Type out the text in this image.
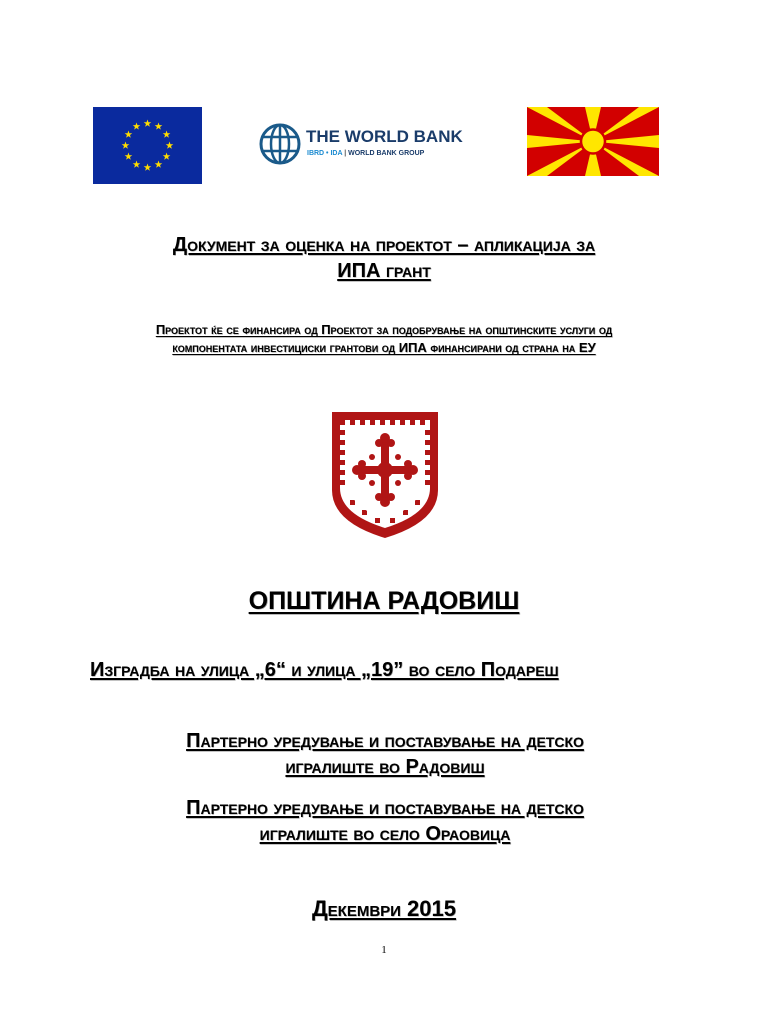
THE WORLD BANK
IBRD • IDA | WORLD BANK GROUP
Документ за оценка на проектот – апликација за
ИПА грант
Проектот ќе се финансира од Проектот за подобрување на општинските услуги од
компонентата инвестициски грантови од ИПА финансирани од страна на ЕУ
ОПШТИНА РАДОВИШ
Изградба на улица „6“ и улица „19” во село Подареш
Партерно уредување и поставување на детско
игралиште во Радовиш
Партерно уредување и поставување на детско
игралиште во село Ораовица
Декември 2015
1
